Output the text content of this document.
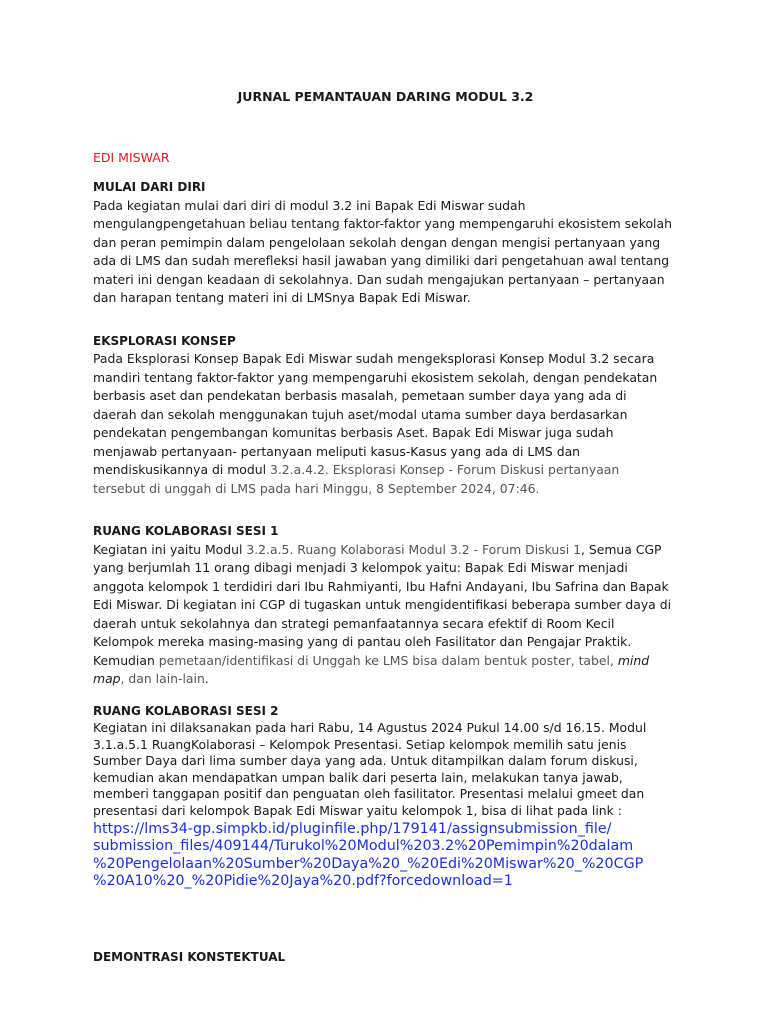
JURNAL PEMANTAUAN DARING MODUL 3.2
EDI MISWAR
MULAI DARI DIRI

Pada kegiatan mulai dari diri di modul 3.2 ini Bapak Edi Miswar sudah mengulangpengetahuan beliau tentang faktor-faktor yang mempengaruhi ekosistem sekolah dan peran pemimpin dalam pengelolaan sekolah dengan dengan mengisi pertanyaan yang ada di LMS dan sudah merefleksi hasil jawaban yang dimiliki dari pengetahuan awal tentang materi ini dengan keadaan di sekolahnya. Dan sudah mengajukan pertanyaan – pertanyaan dan harapan tentang materi ini di LMSnya Bapak Edi Miswar.

EKSPLORASI KONSEP

Pada Eksplorasi Konsep Bapak Edi Miswar sudah mengeksplorasi Konsep Modul 3.2 secara mandiri tentang faktor-faktor yang mempengaruhi ekosistem sekolah, dengan pendekatan berbasis aset dan pendekatan berbasis masalah, pemetaan sumber daya yang ada di daerah dan sekolah menggunakan tujuh aset/modal utama sumber daya berdasarkan pendekatan pengembangan komunitas berbasis Aset. Bapak Edi Miswar juga sudah menjawab pertanyaan- pertanyaan meliputi kasus-Kasus yang ada di LMS dan mendiskusikannya di modul 3.2.a.4.2. Eksplorasi Konsep - Forum Diskusi pertanyaan tersebut di unggah di LMS pada hari Minggu, 8 September 2024, 07:46.

RUANG KOLABORASI SESI 1

Kegiatan ini yaitu Modul 3.2.a.5. Ruang Kolaborasi Modul 3.2 - Forum Diskusi 1, Semua CGP yang berjumlah 11 orang dibagi menjadi 3 kelompok yaitu: Bapak Edi Miswar menjadi anggota kelompok 1 terdidiri dari Ibu Rahmiyanti, Ibu Hafni Andayani, Ibu Safrina dan Bapak Edi Miswar. Di kegiatan ini CGP di tugaskan untuk mengidentifikasi beberapa sumber daya di daerah untuk sekolahnya dan strategi pemanfaatannya secara efektif di Room Kecil Kelompok mereka masing-masing yang di pantau oleh Fasilitator dan Pengajar Praktik. Kemudian pemetaan/identifikasi di Unggah ke LMS bisa dalam bentuk poster, tabel, mind map, dan lain-lain.

RUANG KOLABORASI SESI 2

Kegiatan ini dilaksanakan pada hari Rabu, 14 Agustus 2024 Pukul 14.00 s/d 16.15. Modul 3.1.a.5.1 RuangKolaborasi – Kelompok Presentasi. Setiap kelompok memilih satu jenis Sumber Daya dari lima sumber daya yang ada. Untuk ditampilkan dalam forum diskusi, kemudian akan mendapatkan umpan balik dari peserta lain, melakukan tanya jawab, memberi tanggapan positif dan penguatan oleh fasilitator. Presentasi melalui gmeet dan presentasi dari kelompok Bapak Edi Miswar yaitu kelompok 1, bisa di lihat pada link :

https://lms34-gp.simpkb.id/pluginfile.php/179141/assignsubmission_file/
submission_files/409144/Turukol%20Modul%203.2%20Pemimpin%20dalam
%20Pengelolaan%20Sumber%20Daya%20_%20Edi%20Miswar%20_%20CGP
%20A10%20_%20Pidie%20Jaya%20.pdf?forcedownload=1
DEMONTRASI KONSTEKTUAL
